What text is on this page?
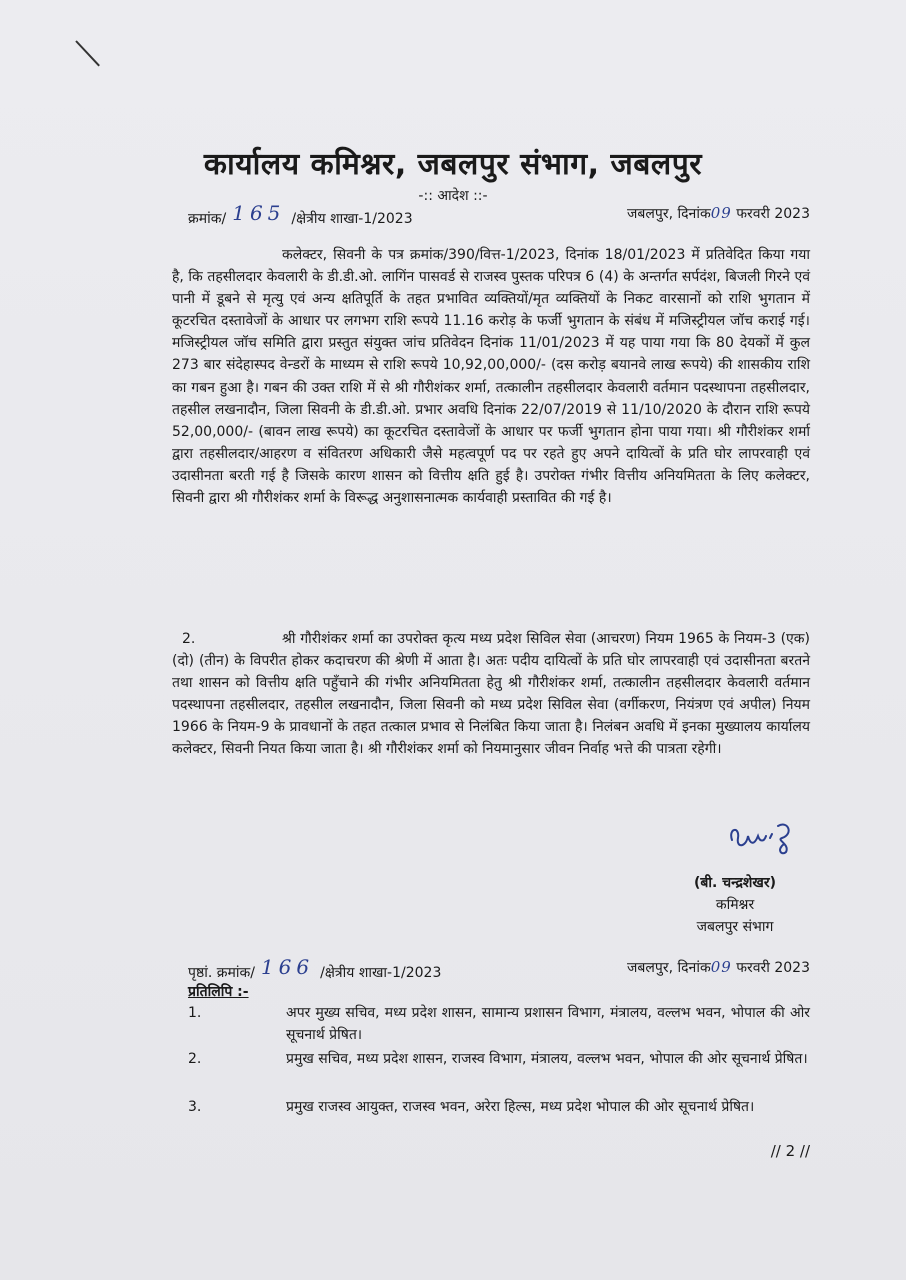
कार्यालय कमिश्नर, जबलपुर संभाग, जबलपुर
-:: आदेश ::-
क्रमांक/ 165 /क्षेत्रीय शाखा-1/2023	जबलपुर, दिनांक09 फरवरी 2023
कलेक्टर, सिवनी के पत्र क्रमांक/390/वित्त-1/2023, दिनांक 18/01/2023 में प्रतिवेदित किया गया है, कि तहसीलदार केवलारी के डी.डी.ओ. लागिंन पासवर्ड से राजस्व पुस्तक परिपत्र 6 (4) के अन्तर्गत सर्पदंश, बिजली गिरने एवं पानी में डूबने से मृत्यु एवं अन्य क्षतिपूर्ति के तहत प्रभावित व्यक्तियों/मृत व्यक्तियों के निकट वारसानों को राशि भुगतान में कूटरचित दस्तावेजों के आधार पर लगभग राशि रूपये 11.16 करोड़ के फर्जी भुगतान के संबंध में मजिस्ट्रीयल जॉच कराई गई। मजिस्ट्रीयल जॉच समिति द्वारा प्रस्तुत संयुक्त जांच प्रतिवेदन दिनांक 11/01/2023 में यह पाया गया कि 80 देयकों में कुल 273 बार संदेहास्पद वेन्डरों के माध्यम से राशि रूपये 10,92,00,000/- (दस करोड़ बयानवे लाख रूपये) की शासकीय राशि का गबन हुआ है। गबन की उक्त राशि में से श्री गौरीशंकर शर्मा, तत्कालीन तहसीलदार केवलारी वर्तमान पदस्थापना तहसीलदार, तहसील लखनादौन, जिला सिवनी के डी.डी.ओ. प्रभार अवधि दिनांक 22/07/2019 से 11/10/2020 के दौरान राशि रूपये 52,00,000/- (बावन लाख रूपये) का कूटरचित दस्तावेजों के आधार पर फर्जी भुगतान होना पाया गया। श्री गौरीशंकर शर्मा द्वारा तहसीलदार/आहरण व संवितरण अधिकारी जैसे महत्वपूर्ण पद पर रहते हुए अपने दायित्वों के प्रति घोर लापरवाही एवं उदासीनता बरती गई है जिसके कारण शासन को वित्तीय क्षति हुई है। उपरोक्त गंभीर वित्तीय अनियमितता के लिए कलेक्टर, सिवनी द्वारा श्री गौरीशंकर शर्मा के विरूद्ध अनुशासनात्मक कार्यवाही प्रस्तावित की गई है।
2.	श्री गौरीशंकर शर्मा का उपरोक्त कृत्य मध्य प्रदेश सिविल सेवा (आचरण) नियम 1965 के नियम-3 (एक) (दो) (तीन) के विपरीत होकर कदाचरण की श्रेणी में आता है। अतः पदीय दायित्वों के प्रति घोर लापरवाही एवं उदासीनता बरतने तथा शासन को वित्तीय क्षति पहुँचाने की गंभीर अनियमितता हेतु श्री गौरीशंकर शर्मा, तत्कालीन तहसीलदार केवलारी वर्तमान पदस्थापना तहसीलदार, तहसील लखनादौन, जिला सिवनी को मध्य प्रदेश सिविल सेवा (वर्गीकरण, नियंत्रण एवं अपील) नियम 1966 के नियम-9 के प्रावधानों के तहत तत्काल प्रभाव से निलंबित किया जाता है। निलंबन अवधि में इनका मुख्यालय कार्यालय कलेक्टर, सिवनी नियत किया जाता है। श्री गौरीशंकर शर्मा को नियमानुसार जीवन निर्वाह भत्ते की पात्रता रहेगी।
(बी. चन्द्रशेखर)
कमिश्नर
जबलपुर संभाग
पृष्ठां. क्रमांक/ 166 /क्षेत्रीय शाखा-1/2023	जबलपुर, दिनांक09 फरवरी 2023
प्रतिलिपि :-
1.	अपर मुख्य सचिव, मध्य प्रदेश शासन, सामान्य प्रशासन विभाग, मंत्रालय, वल्लभ भवन, भोपाल की ओर सूचनार्थ प्रेषित।
2.	प्रमुख सचिव, मध्य प्रदेश शासन, राजस्व विभाग, मंत्रालय, वल्लभ भवन, भोपाल की ओर सूचनार्थ प्रेषित।
3.	प्रमुख राजस्व आयुक्त, राजस्व भवन, अरेरा हिल्स, मध्य प्रदेश भोपाल की ओर सूचनार्थ प्रेषित।
// 2 //
